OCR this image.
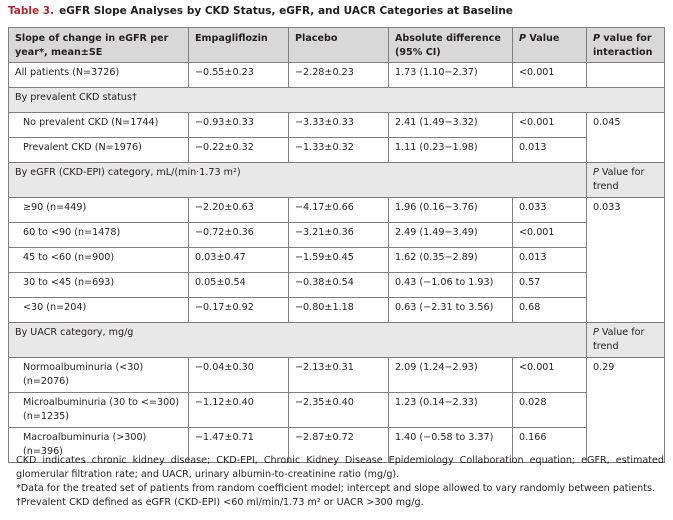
Table 3. eGFR Slope Analyses by CKD Status, eGFR, and UACR Categories at Baseline
Slope of change in eGFR per year*, mean±SE	Empagliflozin	Placebo	Absolute difference (95% CI)	P Value	P value for interaction
All patients (N=3726)	−0.55±0.23	−2.28±0.23	1.73 (1.10−2.37)	<0.001	
By prevalent CKD status†					
No prevalent CKD (N=1744)	−0.93±0.33	−3.33±0.33	2.41 (1.49−3.32)	<0.001	0.045
Prevalent CKD (N=1976)	−0.22±0.32	−1.33±0.32	1.11 (0.23−1.98)	0.013	
By eGFR (CKD-EPI) category, mL/(min·1.73 m²)					P Value for trend
≥90 (n=449)	−2.20±0.63	−4.17±0.66	1.96 (0.16−3.76)	0.033	0.033
60 to <90 (n=1478)	−0.72±0.36	−3.21±0.36	2.49 (1.49−3.49)	<0.001	
45 to <60 (n=900)	0.03±0.47	−1.59±0.45	1.62 (0.35−2.89)	0.013	
30 to <45 (n=693)	0.05±0.54	−0.38±0.54	0.43 (−1.06 to 1.93)	0.57	
<30 (n=204)	−0.17±0.92	−0.80±1.18	0.63 (−2.31 to 3.56)	0.68	
By UACR category, mg/g					P Value for trend
Normoalbuminuria (<30) (n=2076)	−0.04±0.30	−2.13±0.31	2.09 (1.24−2.93)	<0.001	0.29
Microalbuminuria (30 to <=300) (n=1235)	−1.12±0.40	−2.35±0.40	1.23 (0.14−2.33)	0.028	
Macroalbuminuria (>300) (n=396)	−1.47±0.71	−2.87±0.72	1.40 (−0.58 to 3.37)	0.166	

CKD indicates chronic kidney disease; CKD-EPI, Chronic Kidney Disease Epidemiology Collaboration equation; eGFR, estimated glomerular filtration rate; and UACR, urinary albumin-to-creatinine ratio (mg/g).

*Data for the treated set of patients from random coefficient model; intercept and slope allowed to vary randomly between patients.

†Prevalent CKD defined as eGFR (CKD-EPI) <60 ml/min/1.73 m² or UACR >300 mg/g.
